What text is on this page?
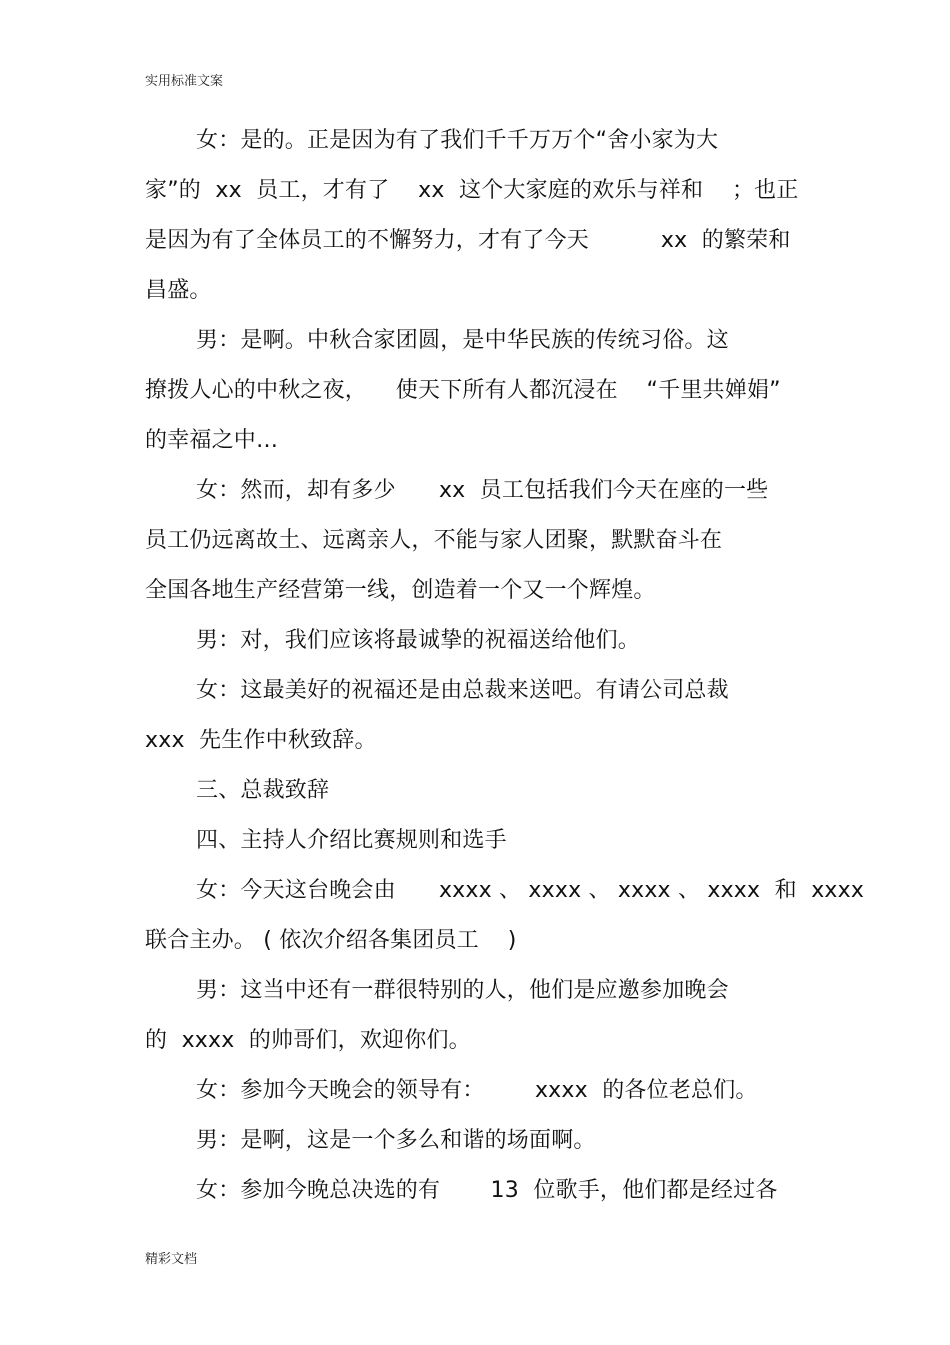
实用标准文案
女：是的。正是因为有了我们千千万万个“舍小家为大
家”的  xx  员工，才有了    xx  这个大家庭的欢乐与祥和    ；也正
是因为有了全体员工的不懈努力，才有了今天          xx  的繁荣和
昌盛。
男：是啊。中秋合家团圆，是中华民族的传统习俗。这
撩拨人心的中秋之夜，    使天下所有人都沉浸在    “千里共婵娟”
的幸福之中…
女：然而，却有多少      xx  员工包括我们今天在座的一些
员工仍远离故土、远离亲人，不能与家人团聚，默默奋斗在
全国各地生产经营第一线，创造着一个又一个辉煌。
男：对，我们应该将最诚挚的祝福送给他们。
女：这最美好的祝福还是由总裁来送吧。有请公司总裁
xxx  先生作中秋致辞。
三、总裁致辞
四、主持人介绍比赛规则和选手
女：今天这台晚会由      xxxx 、 xxxx 、 xxxx 、 xxxx  和  xxxx
联合主办。 ( 依次介绍各集团员工    )
男：这当中还有一群很特别的人，他们是应邀参加晚会
的  xxxx  的帅哥们，欢迎你们。
女：参加今天晚会的领导有：       xxxx  的各位老总们。
男：是啊，这是一个多么和谐的场面啊。
女：参加今晚总决选的有       13  位歌手，他们都是经过各
精彩文档
